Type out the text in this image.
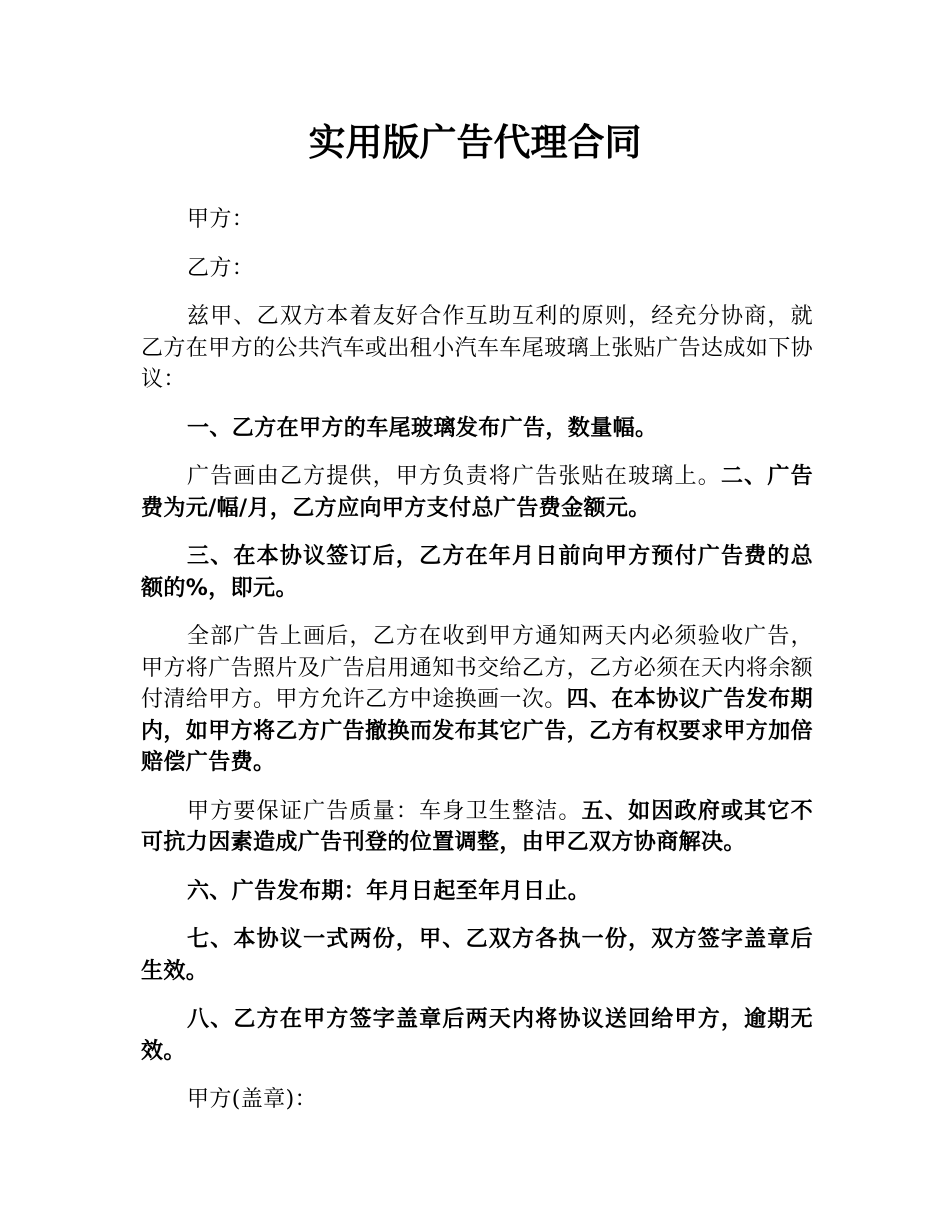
实用版广告代理合同

甲方：

乙方：

兹甲、乙双方本着友好合作互助互利的原则，经充分协商，就乙方在甲方的公共汽车或出租小汽车车尾玻璃上张贴广告达成如下协议：

一、乙方在甲方的车尾玻璃发布广告，数量幅。

广告画由乙方提供，甲方负责将广告张贴在玻璃上。二、广告费为元/幅/月，乙方应向甲方支付总广告费金额元。

三、在本协议签订后，乙方在年月日前向甲方预付广告费的总额的%，即元。

全部广告上画后，乙方在收到甲方通知两天内必须验收广告，甲方将广告照片及广告启用通知书交给乙方，乙方必须在天内将余额付清给甲方。甲方允许乙方中途换画一次。四、在本协议广告发布期内，如甲方将乙方广告撤换而发布其它广告，乙方有权要求甲方加倍赔偿广告费。

甲方要保证广告质量：车身卫生整洁。五、如因政府或其它不可抗力因素造成广告刊登的位置调整，由甲乙双方协商解决。

六、广告发布期：年月日起至年月日止。

七、本协议一式两份，甲、乙双方各执一份，双方签字盖章后生效。

八、乙方在甲方签字盖章后两天内将协议送回给甲方，逾期无效。

甲方(盖章)：
